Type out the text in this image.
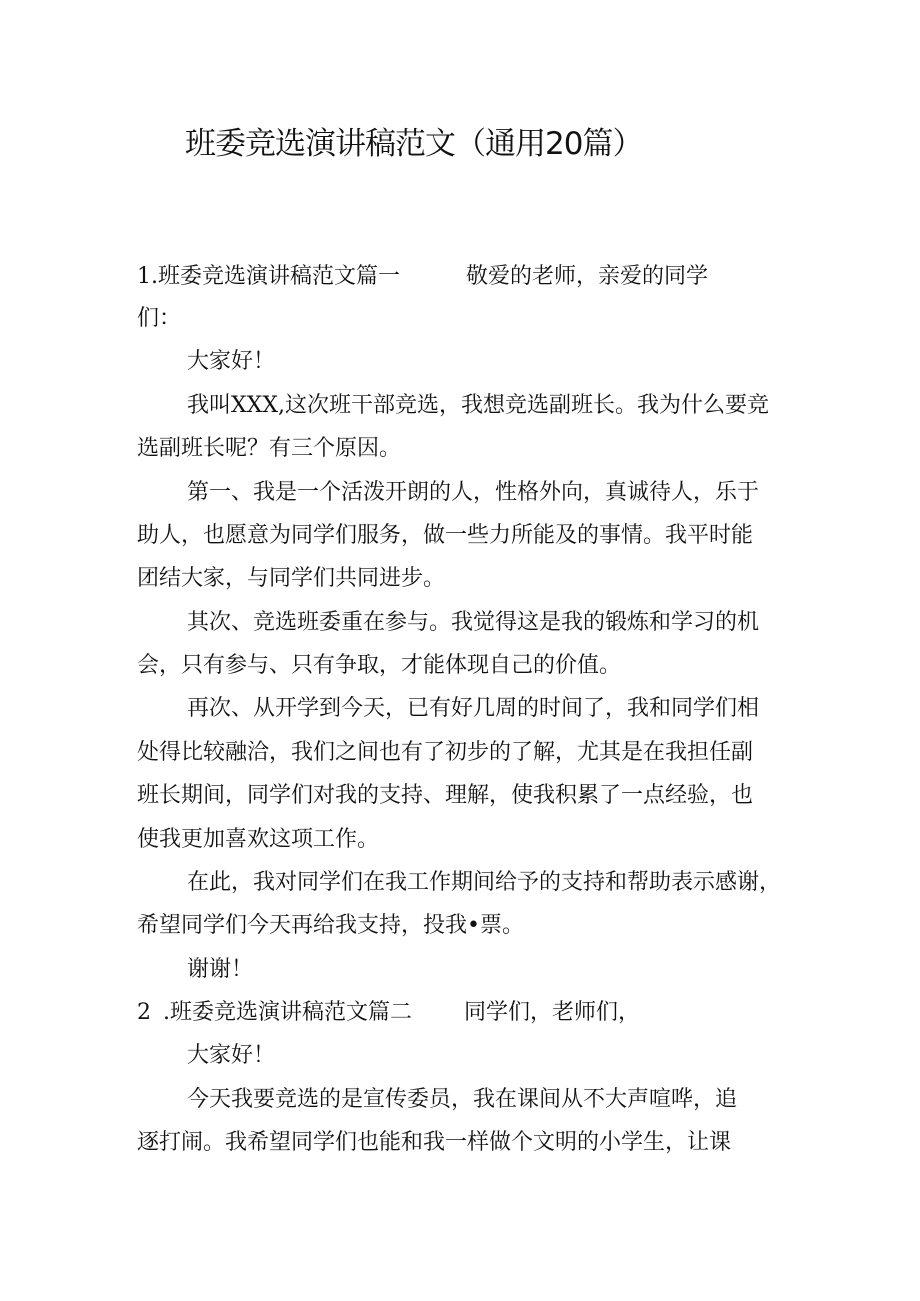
班委竞选演讲稿范文（通用20篇）
1.班委竞选演讲稿范文篇一	敬爱的老师，亲爱的同学
们：
大家好！
我叫XXX,这次班干部竞选，我想竞选副班长。我为什么要竞
选副班长呢？有三个原因。
第一、我是一个活泼开朗的人，性格外向，真诚待人，乐于
助人，也愿意为同学们服务，做一些力所能及的事情。我平时能
团结大家，与同学们共同进步。
其次、竞选班委重在参与。我觉得这是我的锻炼和学习的机
会，只有参与、只有争取，才能体现自己的价值。
再次、从开学到今天，已有好几周的时间了，我和同学们相
处得比较融洽，我们之间也有了初步的了解，尤其是在我担任副
班长期间，同学们对我的支持、理解，使我积累了一点经验，也
使我更加喜欢这项工作。
在此，我对同学们在我工作期间给予的支持和帮助表示感谢，
希望同学们今天再给我支持，投我•票。
谢谢！
2 .班委竞选演讲稿范文篇二 同学们，老师们，
大家好！
今天我要竞选的是宣传委员，我在课间从不大声喧哗，追
逐打闹。我希望同学们也能和我一样做个文明的小学生，让课
